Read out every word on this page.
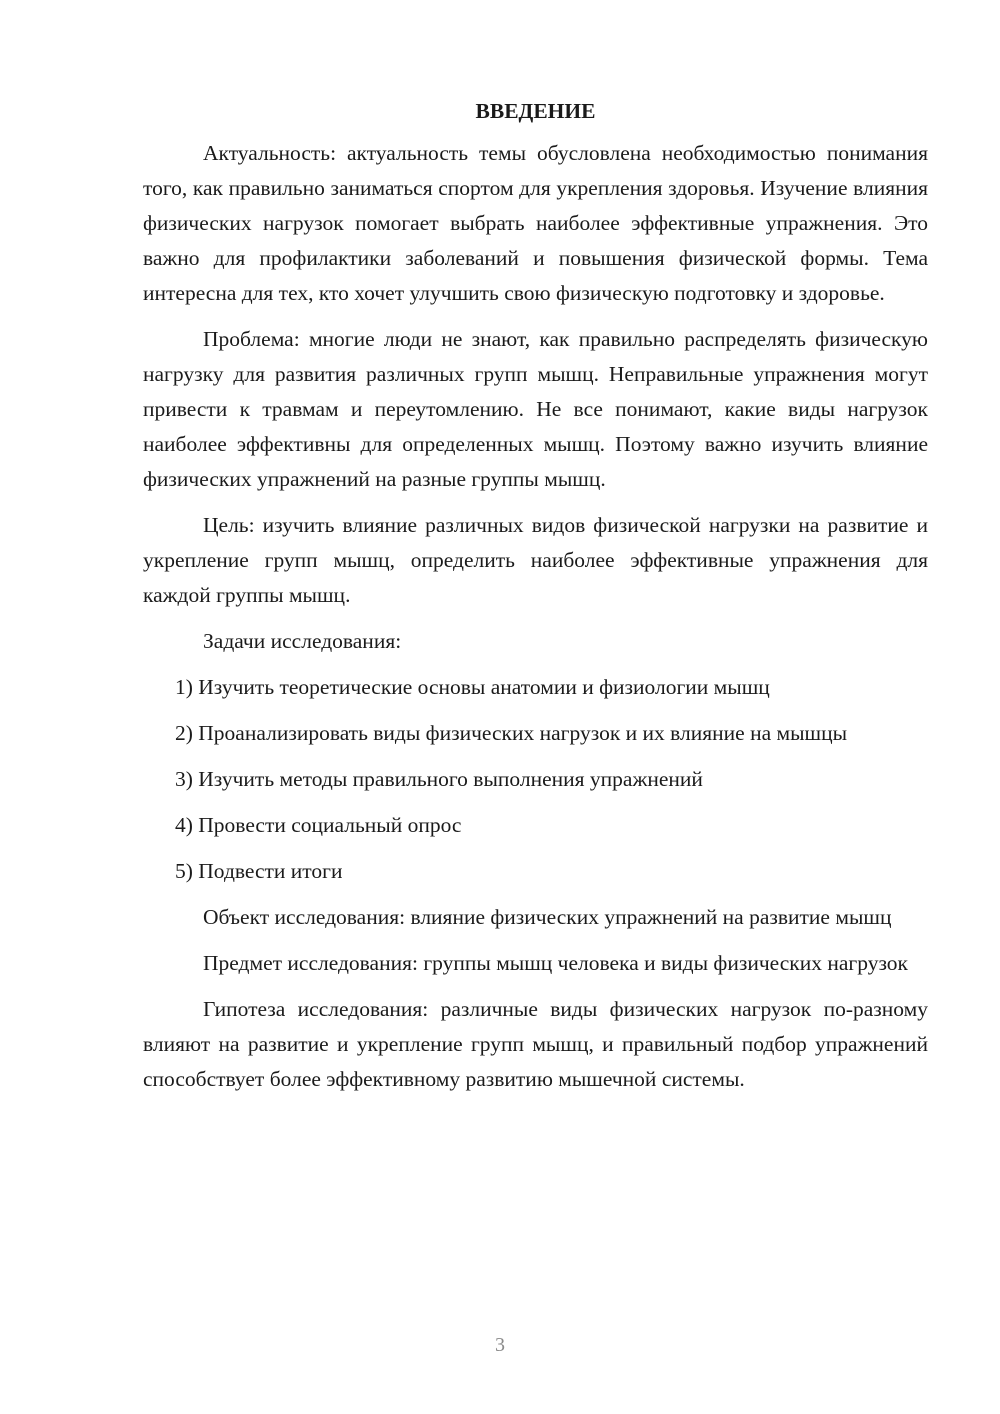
ВВЕДЕНИЕ

Актуальность: актуальность темы обусловлена необходимостью понимания того, как правильно заниматься спортом для укрепления здоровья. Изучение влияния физических нагрузок помогает выбрать наиболее эффективные упражнения. Это важно для профилактики заболеваний и повышения физической формы. Тема интересна для тех, кто хочет улучшить свою физическую подготовку и здоровье.

Проблема: многие люди не знают, как правильно распределять физическую нагрузку для развития различных групп мышц. Неправильные упражнения могут привести к травмам и переутомлению. Не все понимают, какие виды нагрузок наиболее эффективны для определенных мышц. Поэтому важно изучить влияние физических упражнений на разные группы мышц.

Цель: изучить влияние различных видов физической нагрузки на развитие и укрепление групп мышц, определить наиболее эффективные упражнения для каждой группы мышц.

Задачи исследования:

1) Изучить теоретические основы анатомии и физиологии мышц

2) Проанализировать виды физических нагрузок и их влияние на мышцы

3) Изучить методы правильного выполнения упражнений

4) Провести социальный опрос

5) Подвести итоги

Объект исследования: влияние физических упражнений на развитие мышц

Предмет исследования: группы мышц человека и виды физических нагрузок

Гипотеза исследования: различные виды физических нагрузок по-разному влияют на развитие и укрепление групп мышц, и правильный подбор упражнений способствует более эффективному развитию мышечной системы.

3
